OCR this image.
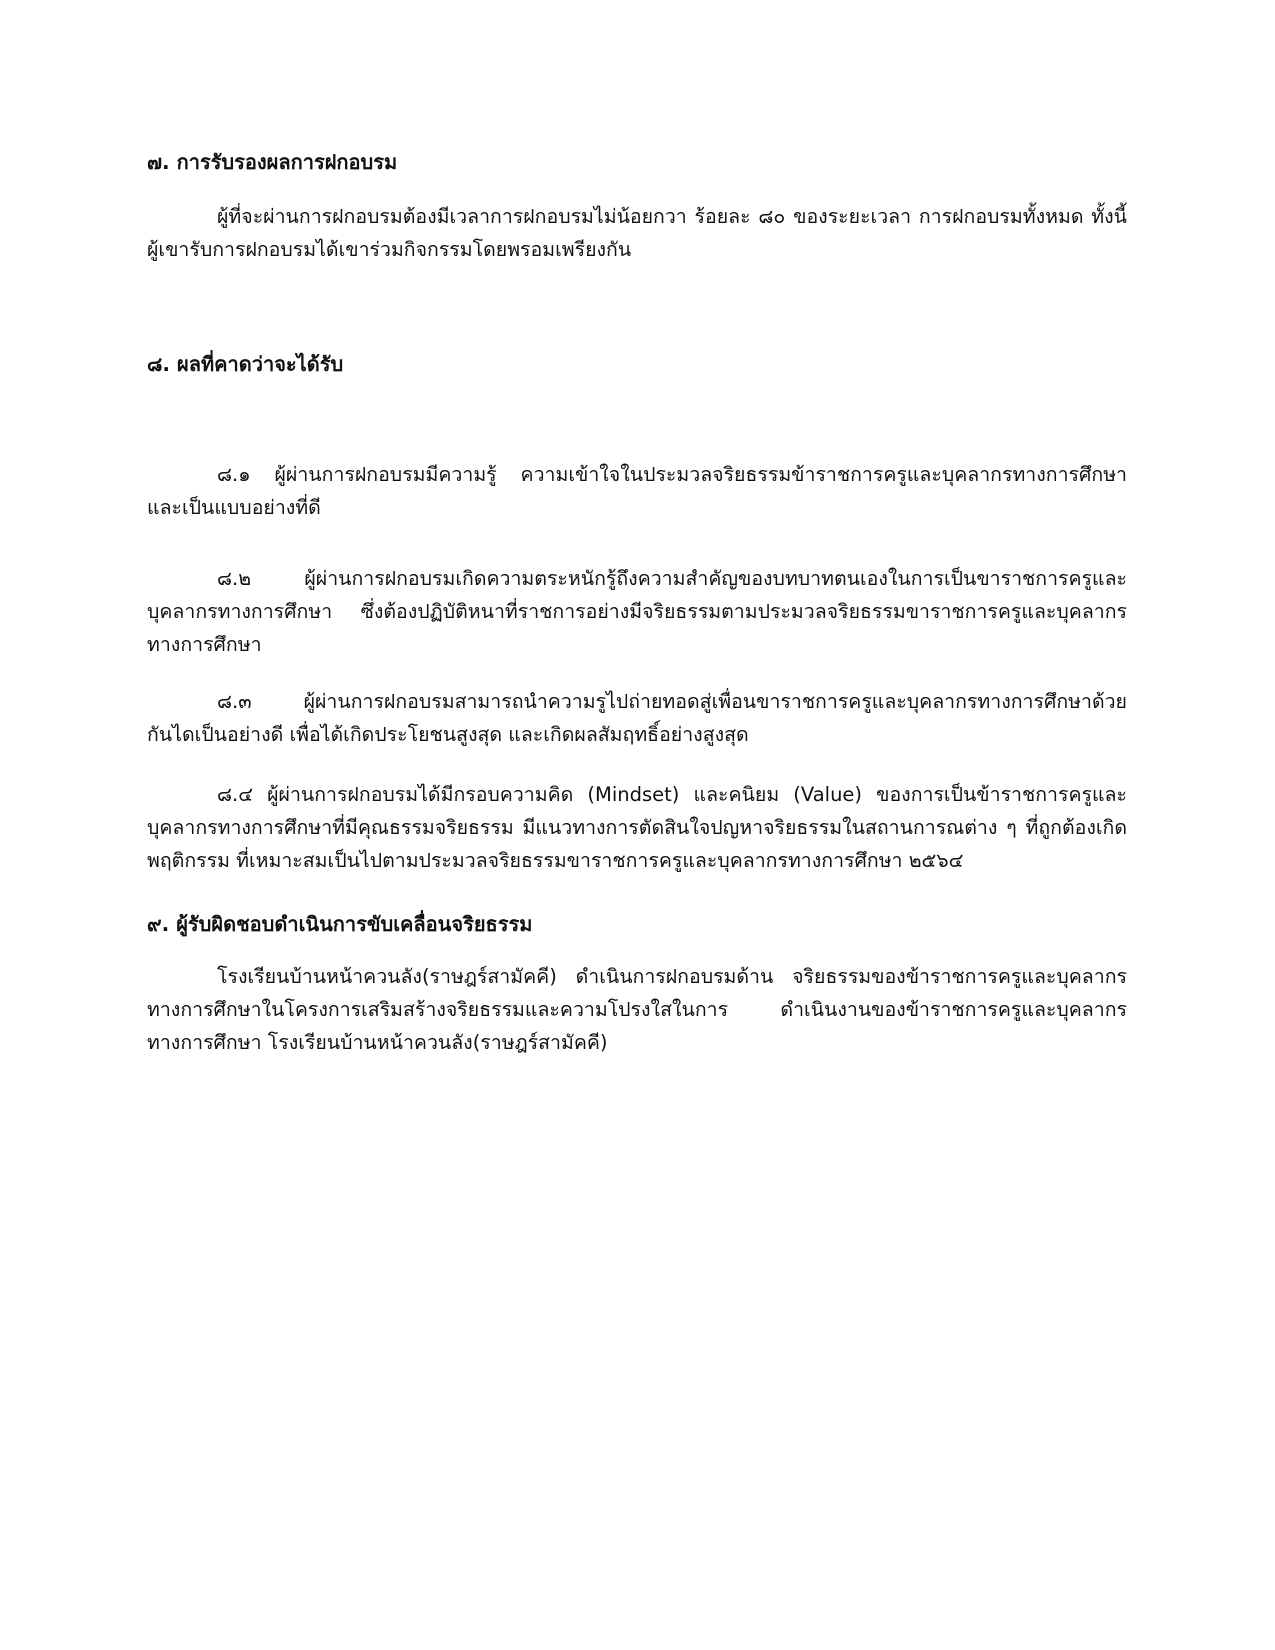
๗. การรับรองผลการฝกอบรม

ผู้ที่จะผ่านการฝกอบรมต้องมีเวลาการฝกอบรมไม่น้อยกวา ร้อยละ ๘๐ ของระยะเวลา การฝกอบรมทั้งหมด ทั้งนี้ผู้เขารับการฝกอบรมได้เขาร่วมกิจกรรมโดยพรอมเพรียงกัน

๘. ผลที่คาดว่าจะได้รับ

๘.๑ ผู้ผ่านการฝกอบรมมีความรู้ ความเข้าใจในประมวลจริยธรรมข้าราชการครูและบุคลากรทางการศึกษา และเป็นแบบอย่างที่ดี

๘.๒ ผู้ผ่านการฝกอบรมเกิดความตระหนักรู้ถึงความสำคัญของบทบาทตนเองในการเป็นขาราชการครูและบุคลากรทางการศึกษา ซึ่งต้องปฏิบัติหนาที่ราชการอย่างมีจริยธรรมตามประมวลจริยธรรมขาราชการครูและบุคลากรทางการศึกษา

๘.๓ ผู้ผ่านการฝกอบรมสามารถนำความรูไปถ่ายทอดสู่เพื่อนขาราชการครูและบุคลากรทางการศึกษาด้วยกันไดเป็นอย่างดี เพื่อได้เกิดประโยชนสูงสุด และเกิดผลสัมฤทธิ์อย่างสูงสุด

๘.๔ ผู้ผ่านการฝกอบรมได้มีกรอบความคิด (Mindset) และคนิยม (Value) ของการเป็นข้าราชการครูและบุคลากรทางการศึกษาที่มีคุณธรรมจริยธรรม มีแนวทางการตัดสินใจปญหาจริยธรรมในสถานการณต่าง ๆ ที่ถูกต้องเกิดพฤติกรรม ที่เหมาะสมเป็นไปตามประมวลจริยธรรมขาราชการครูและบุคลากรทางการศึกษา ๒๕๖๔

๙. ผู้รับผิดชอบดำเนินการขับเคลื่อนจริยธรรม

โรงเรียนบ้านหน้าควนลัง(ราษฎร์สามัคคี) ดำเนินการฝกอบรมด้าน จริยธรรมของข้าราชการครูและบุคลากรทางการศึกษาในโครงการเสริมสร้างจริยธรรมและความโปรงใสในการ ดำเนินงานของข้าราชการครูและบุคลากรทางการศึกษา โรงเรียนบ้านหน้าควนลัง(ราษฎร์สามัคคี)
